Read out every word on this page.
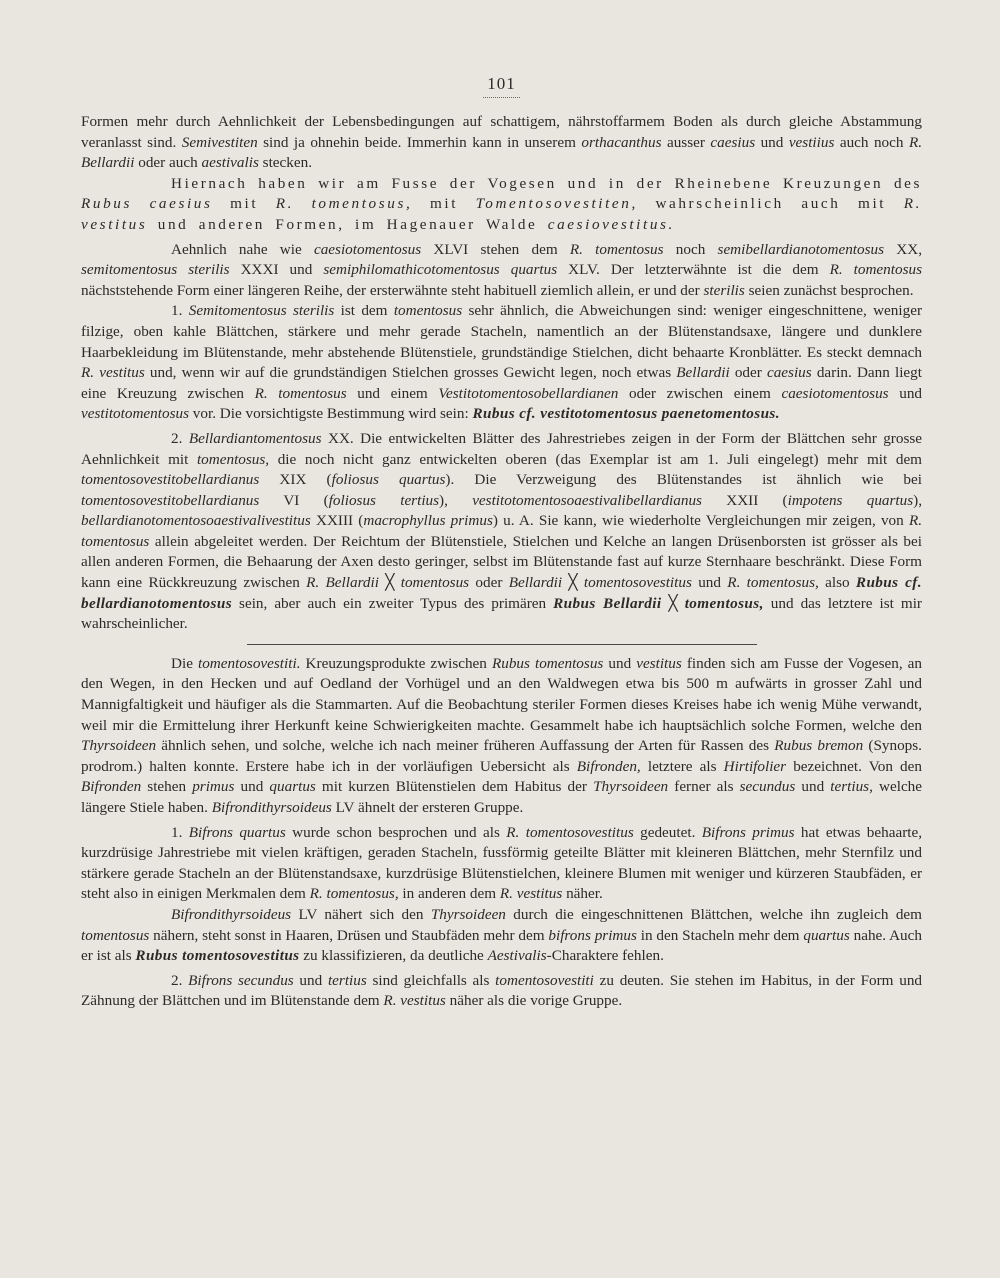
101

Formen mehr durch Aehnlichkeit der Lebensbedingungen auf schattigem, nährstoffarmem Boden als durch gleiche Abstammung veranlasst sind. Semivestiten sind ja ohnehin beide. Immerhin kann in unserem orthacanthus ausser caesius und vestiius auch noch R. Bellardii oder auch aestivalis stecken.

Hiernach haben wir am Fusse der Vogesen und in der Rheinebene Kreuzungen des Rubus caesius mit R. tomentosus, mit Tomentosovestiten, wahrscheinlich auch mit R. vestitus und anderen Formen, im Hagenauer Walde caesiovestitus.

Aehnlich nahe wie caesiotomentosus XLVI stehen dem R. tomentosus noch semibellardianotomentosus XX, semitomentosus sterilis XXXI und semiphilomathicotomentosus quartus XLV. Der letzterwähnte ist die dem R. tomentosus nächststehende Form einer längeren Reihe, der ersterwähnte steht habituell ziemlich allein, er und der sterilis seien zunächst besprochen.

1. Semitomentosus sterilis ist dem tomentosus sehr ähnlich, die Abweichungen sind: weniger eingeschnittene, weniger filzige, oben kahle Blättchen, stärkere und mehr gerade Stacheln, namentlich an der Blütenstandsaxe, längere und dunklere Haarbekleidung im Blütenstande, mehr abstehende Blütenstiele, grundständige Stielchen, dicht behaarte Kronblätter. Es steckt demnach R. vestitus und, wenn wir auf die grundständigen Stielchen grosses Gewicht legen, noch etwas Bellardii oder caesius darin. Dann liegt eine Kreuzung zwischen R. tomentosus und einem Vestitotomentosobellardianen oder zwischen einem caesiotomentosus und vestitotomentosus vor. Die vorsichtigste Bestimmung wird sein: Rubus cf. vestitotomentosus paenetomentosus.

2. Bellardiantomentosus XX. Die entwickelten Blätter des Jahrestriebes zeigen in der Form der Blättchen sehr grosse Aehnlichkeit mit tomentosus, die noch nicht ganz entwickelten oberen (das Exemplar ist am 1. Juli eingelegt) mehr mit dem tomentosovestitobellardianus XIX (foliosus quartus). Die Verzweigung des Blütenstandes ist ähnlich wie bei tomentosovestitobellardianus VI (foliosus tertius), vestitotomentosoaestivalibellardianus XXII (impotens quartus), bellardianotomentosoaestivalivestitus XXIII (macrophyllus primus) u. A. Sie kann, wie wiederholte Vergleichungen mir zeigen, von R. tomentosus allein abgeleitet werden. Der Reichtum der Blütenstiele, Stielchen und Kelche an langen Drüsenborsten ist grösser als bei allen anderen Formen, die Behaarung der Axen desto geringer, selbst im Blütenstande fast auf kurze Sternhaare beschränkt. Diese Form kann eine Rückkreuzung zwischen R. Bellardii ╳ tomentosus oder Bellardii ╳ tomentosovestitus und R. tomentosus, also Rubus cf. bellardianotomentosus sein, aber auch ein zweiter Typus des primären Rubus Bellardii ╳ tomentosus, und das letztere ist mir wahrscheinlicher.

Die tomentosovestiti. Kreuzungsprodukte zwischen Rubus tomentosus und vestitus finden sich am Fusse der Vogesen, an den Wegen, in den Hecken und auf Oedland der Vorhügel und an den Waldwegen etwa bis 500 m aufwärts in grosser Zahl und Mannigfaltigkeit und häufiger als die Stammarten. Auf die Beobachtung steriler Formen dieses Kreises habe ich wenig Mühe verwandt, weil mir die Ermittelung ihrer Herkunft keine Schwierigkeiten machte. Gesammelt habe ich hauptsächlich solche Formen, welche den Thyrsoideen ähnlich sehen, und solche, welche ich nach meiner früheren Auffassung der Arten für Rassen des Rubus bremon (Synops. prodrom.) halten konnte. Erstere habe ich in der vorläufigen Uebersicht als Bifronden, letztere als Hirtifolier bezeichnet. Von den Bifronden stehen primus und quartus mit kurzen Blütenstielen dem Habitus der Thyrsoideen ferner als secundus und tertius, welche längere Stiele haben. Bifrondithyrsoideus LV ähnelt der ersteren Gruppe.

1. Bifrons quartus wurde schon besprochen und als R. tomentosovestitus gedeutet. Bifrons primus hat etwas behaarte, kurzdrüsige Jahrestriebe mit vielen kräftigen, geraden Stacheln, fussförmig geteilte Blätter mit kleineren Blättchen, mehr Sternfilz und stärkere gerade Stacheln an der Blütenstandsaxe, kurzdrüsige Blütenstielchen, kleinere Blumen mit weniger und kürzeren Staubfäden, er steht also in einigen Merkmalen dem R. tomentosus, in anderen dem R. vestitus näher.

Bifrondithyrsoideus LV nähert sich den Thyrsoideen durch die eingeschnittenen Blättchen, welche ihn zugleich dem tomentosus nähern, steht sonst in Haaren, Drüsen und Staubfäden mehr dem bifrons primus in den Stacheln mehr dem quartus nahe. Auch er ist als Rubus tomentosovestitus zu klassifizieren, da deutliche Aestivalis-Charaktere fehlen.

2. Bifrons secundus und tertius sind gleichfalls als tomentosovestiti zu deuten. Sie stehen im Habitus, in der Form und Zähnung der Blättchen und im Blütenstande dem R. vestitus näher als die vorige Gruppe.
